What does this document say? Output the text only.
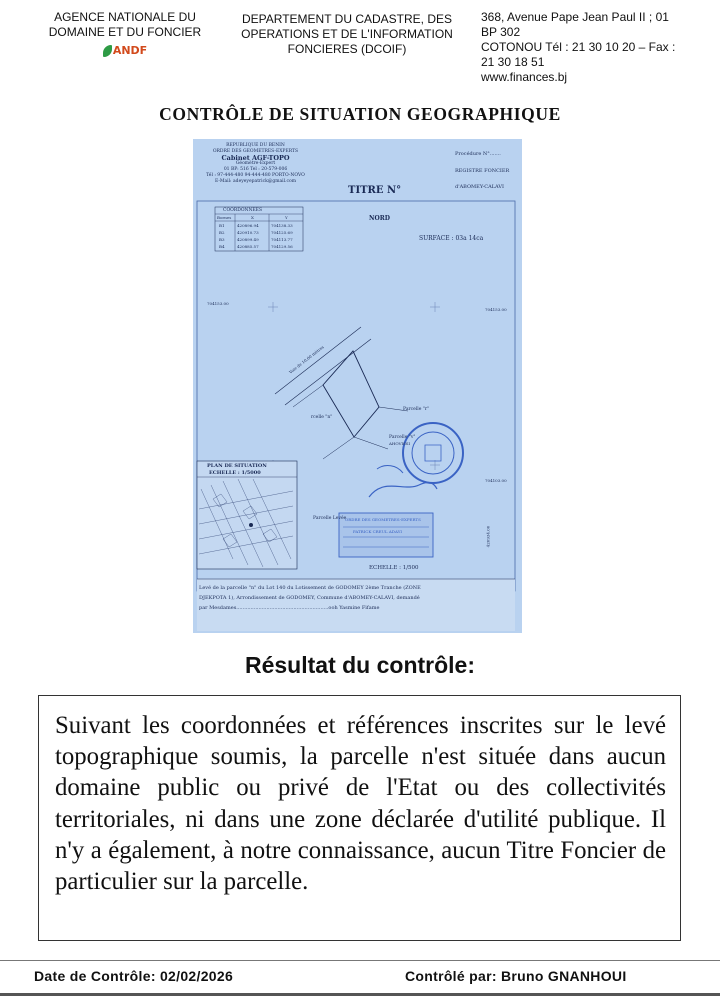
AGENCE NATIONALE DU
DOMAINE ET DU FONCIER
ANDF
DEPARTEMENT DU CADASTRE, DES
OPERATIONS ET DE L'INFORMATION
FONCIERES (DCOIF)
368, Avenue Pape Jean Paul II ; 01
BP 302
COTONOU Tél : 21 30 10 20 – Fax :
21 30 18 51
www.finances.bj
CONTRÔLE DE SITUATION GEOGRAPHIQUE
REPUBLIQUE DU BENIN
ORDRE DES GEOMETRES-EXPERTS
Cabinet AGF-TOPO
Géomètre-Expert
01 BP: 516 Tel : 20-579-006
Tél : 97-444-480 94-444-480 PORTO-NOVO
E-Mail: adeyeyepatrick@gmail.com
TITRE N°
Procédure N°.......
REGISTRE FONCIER
d'ABOMEY-CALAVI
NORD
SURFACE : 03a 14ca
COORDONNEES
Bornes	X	Y
B1	420896.94	704138.33
B2	420910.73	704125.69
B3	420899.49	704113.77
B4	420885.57	704129.56
704153.00
704153.00
704103.00
420934.00
Voie de 10.00 mètres
rcelle "n"
Parcelle "r"
Parcelle "v"
AHOVISSI
Parcelle Levée
PLAN DE SITUATION
ECHELLE : 1/5000
ORDRE DES GEOMETRES-EXPERTS
PATRICK CREUL ADAYI
ECHELLE : 1/500
Levé de la parcelle "n" du Lot 140 du Lotissement de GODOMEY 2ème Tranche (ZONE
DJEKPOTA 1), Arrondissement de GODOMEY, Commune d'ABOMEY-CALAVI, demandé
par Mesdames..........................................................ooh Yasmine Fifame
Résultat du contrôle:

Suivant les coordonnées et références inscrites sur le levé topographique soumis, la parcelle n'est située dans aucun domaine public ou privé de l'Etat ou des collectivités territoriales, ni dans une zone déclarée d'utilité publique. Il n'y a également, à notre connaissance, aucun Titre Foncier de particulier sur la parcelle.

Date de Contrôle: 02/02/2026	Contrôlé par: Bruno GNANHOUI
